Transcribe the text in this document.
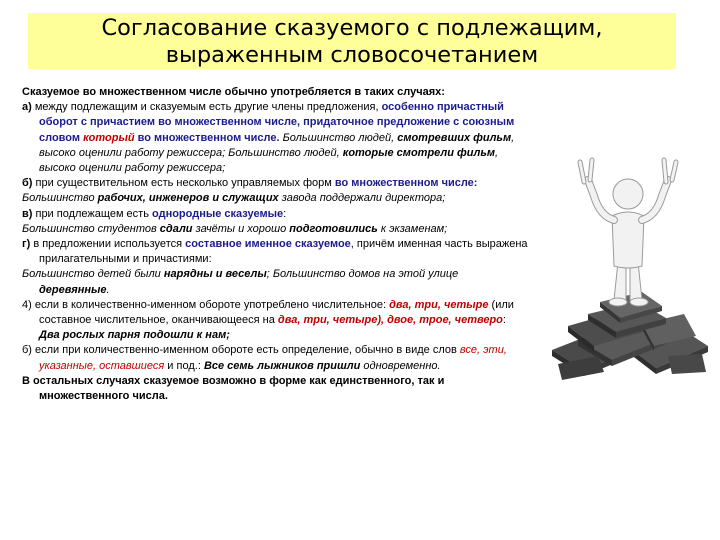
Согласование сказуемого с подлежащим,
выраженным словосочетанием

Сказуемое во множественном числе обычно употребляется в таких случаях:

а) между подлежащим и сказуемым есть другие члены предложения, особенно причастный оборот с причастием во множественном числе, придаточное предложение с союзным словом который во множественном числе. Большинство людей, смотревших фильм, высоко оценили работу режиссера; Большинство людей, которые смотрели фильм, высоко оценили работу режиссера;

б) при существительном есть несколько управляемых форм во множественном числе:

Большинство рабочих, инженеров и служащих завода поддержали директора;

в) при подлежащем есть однородные сказуемые:

Большинство студентов сдали зачёты и хорошо подготовились к экзаменам;

г) в предложении используется составное именное сказуемое, причём именная часть выражена прилагательными и причастиями:

Большинство детей были нарядны и веселы; Большинство домов на этой улице деревянные.

4) если в количественно-именном обороте употреблено числительное: два, три, четыре (или составное числительное, оканчивающееся на два, три, четыре), двое, трое, четверо: Два рослых парня подошли к нам;

б) если при количественно-именном обороте есть определение, обычно в виде слов все, эти, указанные, оставшиеся и под.: Все семь лыжников пришли одновременно.

В остальных случаях сказуемое возможно в форме как единственного, так и множественного числа.
